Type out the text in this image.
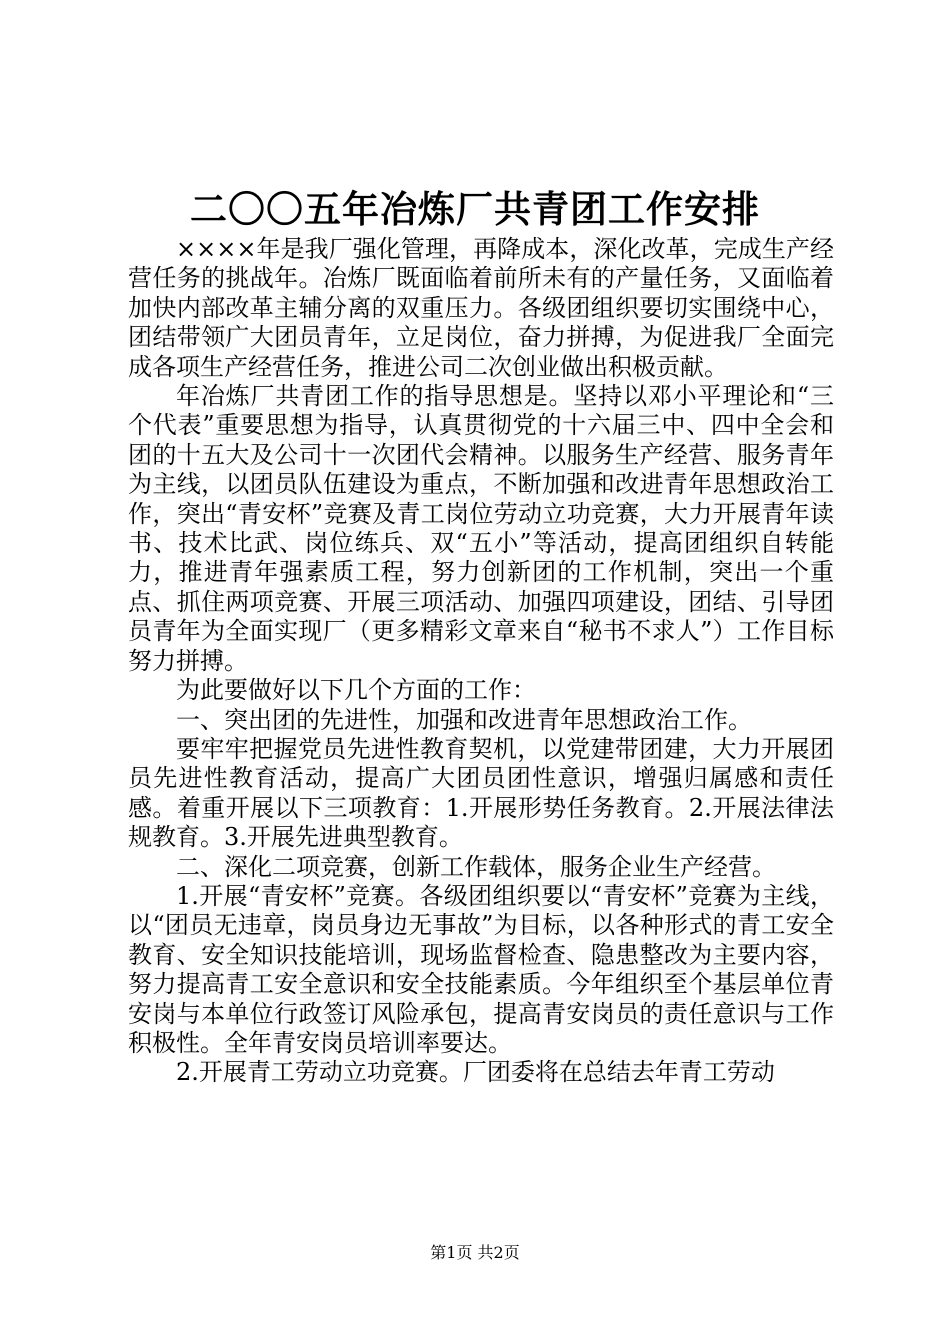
二〇〇五年冶炼厂共青团工作安排

××××年是我厂强化管理，再降成本，深化改革，完成生产经营任务的挑战年。冶炼厂既面临着前所未有的产量任务，又面临着加快内部改革主辅分离的双重压力。各级团组织要切实围绕中心，团结带领广大团员青年，立足岗位，奋力拼搏，为促进我厂全面完成各项生产经营任务，推进公司二次创业做出积极贡献。

年冶炼厂共青团工作的指导思想是。坚持以邓小平理论和“三个代表”重要思想为指导，认真贯彻党的十六届三中、四中全会和团的十五大及公司十一次团代会精神。以服务生产经营、服务青年为主线，以团员队伍建设为重点，不断加强和改进青年思想政治工作，突出“青安杯”竞赛及青工岗位劳动立功竞赛，大力开展青年读书、技术比武、岗位练兵、双“五小”等活动，提高团组织自转能力，推进青年强素质工程，努力创新团的工作机制，突出一个重点、抓住两项竞赛、开展三项活动、加强四项建设，团结、引导团员青年为全面实现厂（更多精彩文章来自“秘书不求人”）工作目标努力拼搏。

为此要做好以下几个方面的工作：

一、突出团的先进性，加强和改进青年思想政治工作。

要牢牢把握党员先进性教育契机，以党建带团建，大力开展团员先进性教育活动，提高广大团员团性意识，增强归属感和责任感。着重开展以下三项教育：1.开展形势任务教育。2.开展法律法规教育。3.开展先进典型教育。

二、深化二项竞赛，创新工作载体，服务企业生产经营。

1.开展“青安杯”竞赛。各级团组织要以“青安杯”竞赛为主线，以“团员无违章，岗员身边无事故”为目标，以各种形式的青工安全教育、安全知识技能培训，现场监督检查、隐患整改为主要内容，努力提高青工安全意识和安全技能素质。今年组织至个基层单位青安岗与本单位行政签订风险承包，提高青安岗员的责任意识与工作积极性。全年青安岗员培训率要达。

2.开展青工劳动立功竞赛。厂团委将在总结去年青工劳动

第1页 共2页
